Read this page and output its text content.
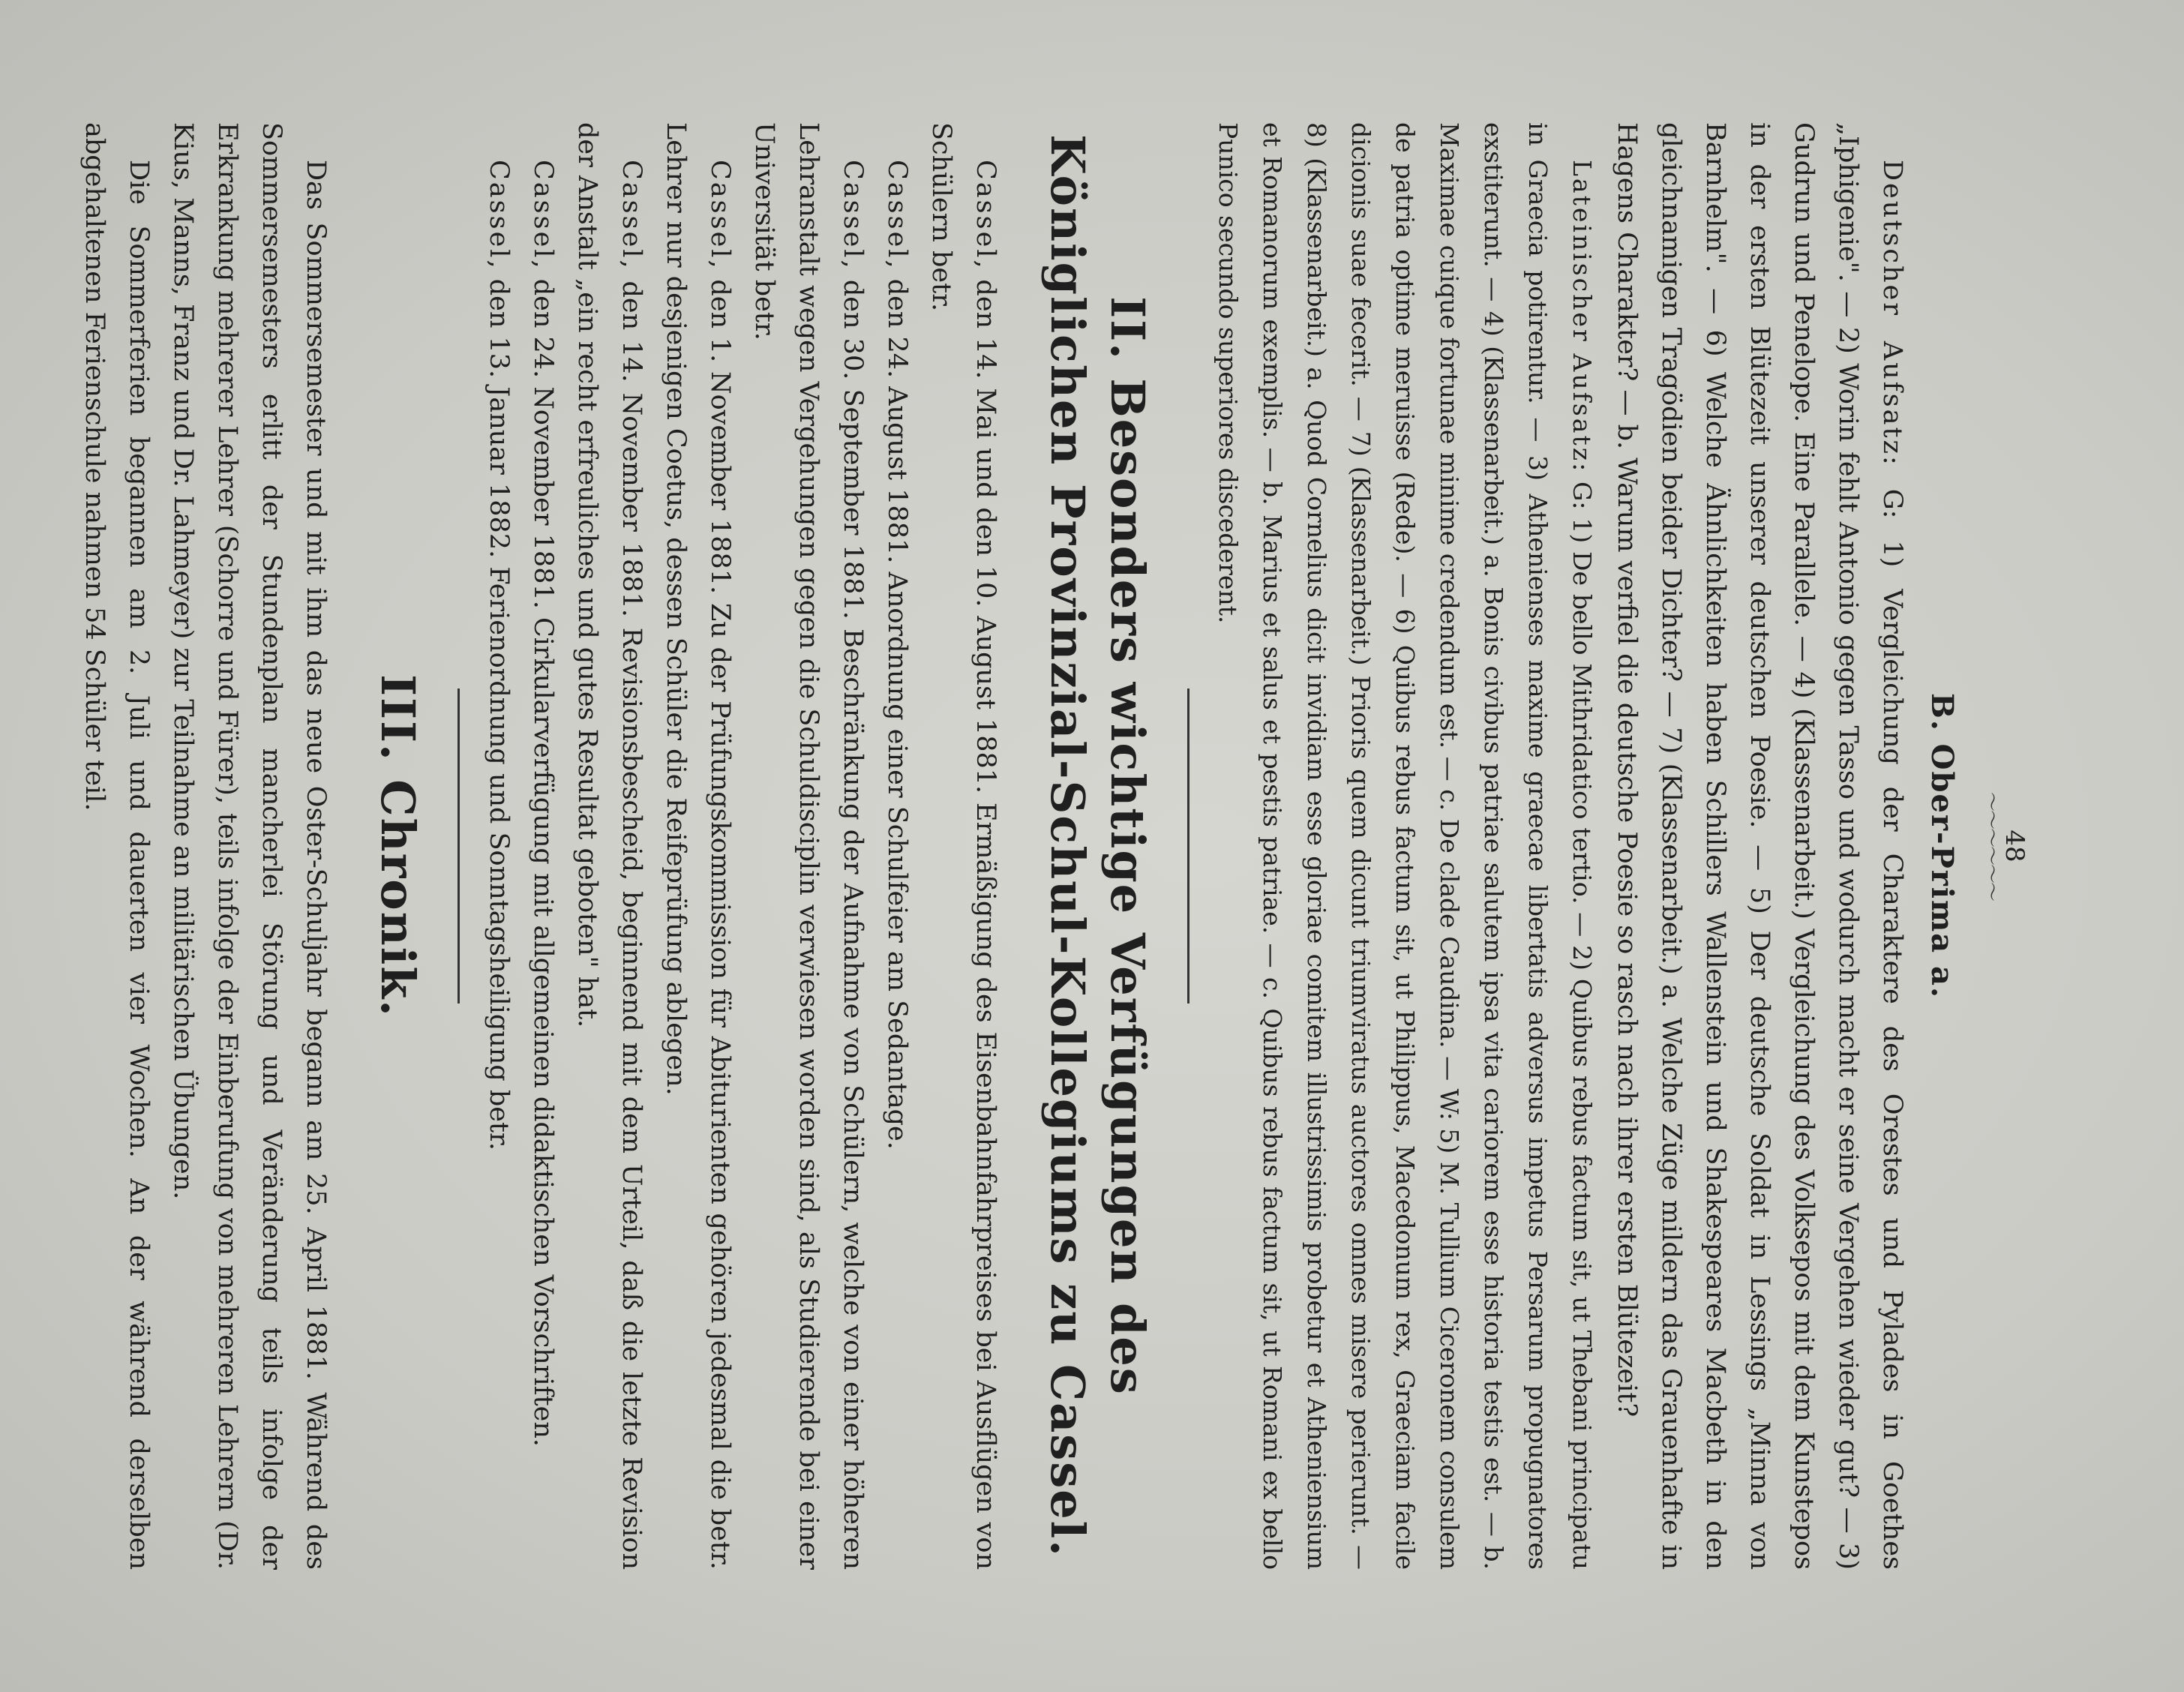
48
〜〜〜〜〜〜
B. Ober-Prima a.

Deutscher Aufsatz: G: 1) Vergleichung der Charaktere des Orestes und Pylades in Goethes „Iphigenie". — 2) Worin fehlt Antonio gegen Tasso und wodurch macht er seine Vergehen wieder gut? — 3) Gudrun und Penelope. Eine Parallele. — 4) (Klassenarbeit.) Vergleichung des Volksepos mit dem Kunstepos in der ersten Blütezeit unserer deutschen Poesie. — 5) Der deutsche Soldat in Lessings „Minna von Barnhelm". — 6) Welche Ähnlichkeiten haben Schillers Wallenstein und Shakespeares Macbeth in den gleichnamigen Tragödien beider Dichter? — 7) (Klassenarbeit.) a. Welche Züge mildern das Grauenhafte in Hagens Charakter? — b. Warum verfiel die deutsche Poesie so rasch nach ihrer ersten Blütezeit?

Lateinischer Aufsatz: G: 1) De bello Mithridatico tertio. — 2) Quibus rebus factum sit, ut Thebani principatu in Graecia potirentur. — 3) Athenienses maxime graecae libertatis adversus impetus Persarum propugnatores exstiterunt. — 4) (Klassenarbeit.) a. Bonis civibus patriae salutem ipsa vita cariorem esse historia testis est. — b. Maximae cuique fortunae minime credendum est. — c. De clade Caudina. — W: 5) M. Tullium Ciceronem consulem de patria optime meruisse (Rede). — 6) Quibus rebus factum sit, ut Philippus, Macedonum rex, Graeciam facile dicionis suae fecerit. — 7) (Klassenarbeit.) Prioris quem dicunt triumviratus auctores omnes misere perierunt. — 8) (Klassenarbeit.) a. Quod Cornelius dicit invidiam esse gloriae comitem illustrissimis probetur et Atheniensium et Romanorum exemplis. — b. Marius et salus et pestis patriae. — c. Quibus rebus factum sit, ut Romani ex bello Punico secundo superiores discederent.

II. Besonders wichtige Verfügungen des Königlichen Provinzial-Schul-Kollegiums zu Cassel.

Cassel, den 14. Mai und den 10. August 1881. Ermäßigung des Eisenbahnfahrpreises bei Ausflügen von Schülern betr.

Cassel, den 24. August 1881. Anordnung einer Schulfeier am Sedantage.

Cassel, den 30. September 1881. Beschränkung der Aufnahme von Schülern, welche von einer höheren Lehranstalt wegen Vergehungen gegen die Schuldisciplin verwiesen worden sind, als Studierende bei einer Universität betr.

Cassel, den 1. November 1881. Zu der Prüfungskommission für Abiturienten gehören jedesmal die betr. Lehrer nur desjenigen Coetus, dessen Schüler die Reifeprüfung ablegen.

Cassel, den 14. November 1881. Revisionsbescheid, beginnend mit dem Urteil, daß die letzte Revision der Anstalt „ein recht erfreuliches und gutes Resultat geboten" hat.

Cassel, den 24. November 1881. Cirkularverfügung mit allgemeinen didaktischen Vorschriften.

Cassel, den 13. Januar 1882. Ferienordnung und Sonntagsheiligung betr.

III. Chronik.

Das Sommersemester und mit ihm das neue Oster-Schuljahr begann am 25. April 1881. Während des Sommersemesters erlitt der Stundenplan mancherlei Störung und Veränderung teils infolge der Erkrankung mehrerer Lehrer (Schorre und Fürer), teils infolge der Einberufung von mehreren Lehrern (Dr. Kius, Manns, Franz und Dr. Lahmeyer) zur Teilnahme an militärischen Übungen.

Die Sommerferien begannen am 2. Juli und dauerten vier Wochen. An der während derselben abgehaltenen Ferienschule nahmen 54 Schüler teil.
